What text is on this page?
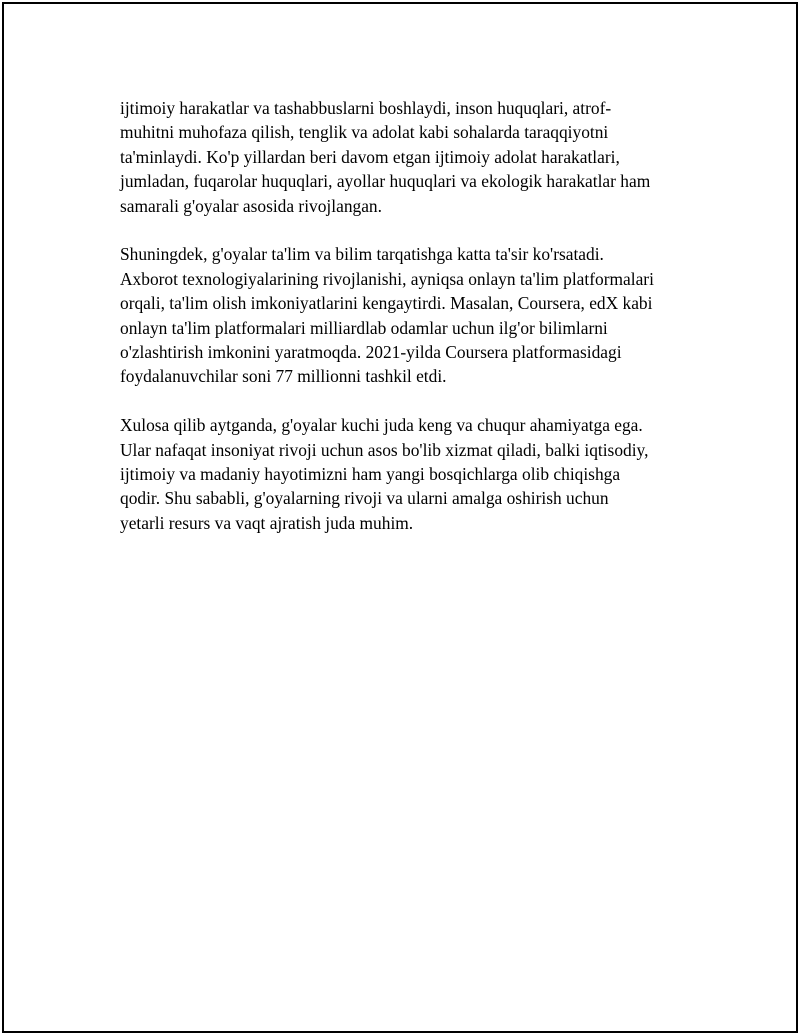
ijtimoiy harakatlar va tashabbuslarni boshlaydi, inson huquqlari, atrof-
muhitni muhofaza qilish, tenglik va adolat kabi sohalarda taraqqiyotni
ta'minlaydi. Ko'p yillardan beri davom etgan ijtimoiy adolat harakatlari,
jumladan, fuqarolar huquqlari, ayollar huquqlari va ekologik harakatlar ham
samarali g'oyalar asosida rivojlangan.

Shuningdek, g'oyalar ta'lim va bilim tarqatishga katta ta'sir ko'rsatadi.
Axborot texnologiyalarining rivojlanishi, ayniqsa onlayn ta'lim platformalari
orqali, ta'lim olish imkoniyatlarini kengaytirdi. Masalan, Coursera, edX kabi
onlayn ta'lim platformalari milliardlab odamlar uchun ilg'or bilimlarni
o'zlashtirish imkonini yaratmoqda. 2021-yilda Coursera platformasidagi
foydalanuvchilar soni 77 millionni tashkil etdi.

Xulosa qilib aytganda, g'oyalar kuchi juda keng va chuqur ahamiyatga ega.
Ular nafaqat insoniyat rivoji uchun asos bo'lib xizmat qiladi, balki iqtisodiy,
ijtimoiy va madaniy hayotimizni ham yangi bosqichlarga olib chiqishga
qodir. Shu sababli, g'oyalarning rivoji va ularni amalga oshirish uchun
yetarli resurs va vaqt ajratish juda muhim.
